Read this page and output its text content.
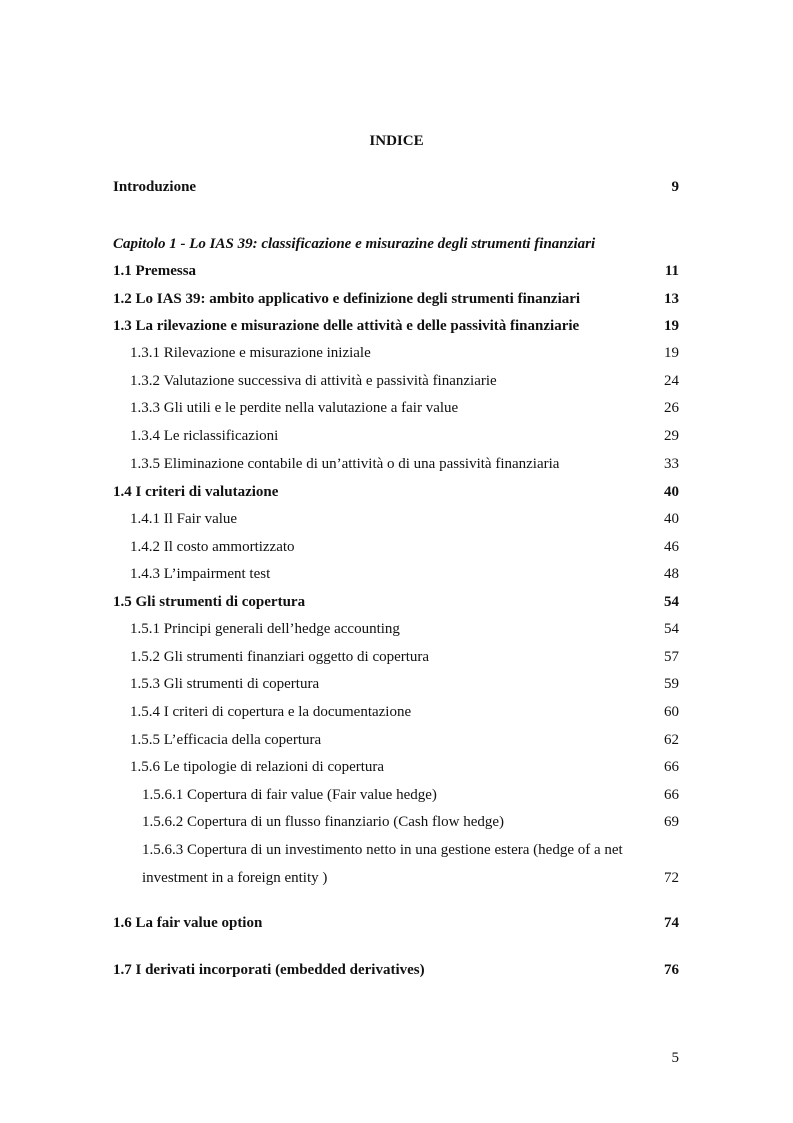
INDICE
Introduzione	9
Capitolo 1 - Lo IAS 39: classificazione e misurazine degli strumenti finanziari
1.1 Premessa	11
1.2 Lo IAS 39: ambito applicativo e definizione degli strumenti finanziari	13
1.3 La rilevazione e misurazione delle attività e delle passività finanziarie	19
1.3.1 Rilevazione e misurazione iniziale	19
1.3.2 Valutazione successiva di attività e passività finanziarie	24
1.3.3 Gli utili e le perdite nella valutazione a fair value	26
1.3.4 Le riclassificazioni	29
1.3.5 Eliminazione contabile di un’attività o di una passività finanziaria	33
1.4 I criteri di valutazione	40
1.4.1 Il Fair value	40
1.4.2 Il costo ammortizzato	46
1.4.3 L’impairment test	48
1.5 Gli strumenti di copertura	54
1.5.1 Principi generali dell’hedge accounting	54
1.5.2 Gli strumenti finanziari oggetto di copertura	57
1.5.3 Gli strumenti di copertura	59
1.5.4 I criteri di copertura e la documentazione	60
1.5.5 L’efficacia della copertura	62
1.5.6 Le tipologie di relazioni di copertura	66
1.5.6.1 Copertura di fair value (Fair value hedge)	66
1.5.6.2 Copertura di un flusso finanziario (Cash flow hedge)	69
1.5.6.3 Copertura di un investimento netto in una gestione estera (hedge of a net
investment in a foreign entity )	72
1.6 La fair value option	74
1.7 I derivati incorporati (embedded derivatives)	76
5
